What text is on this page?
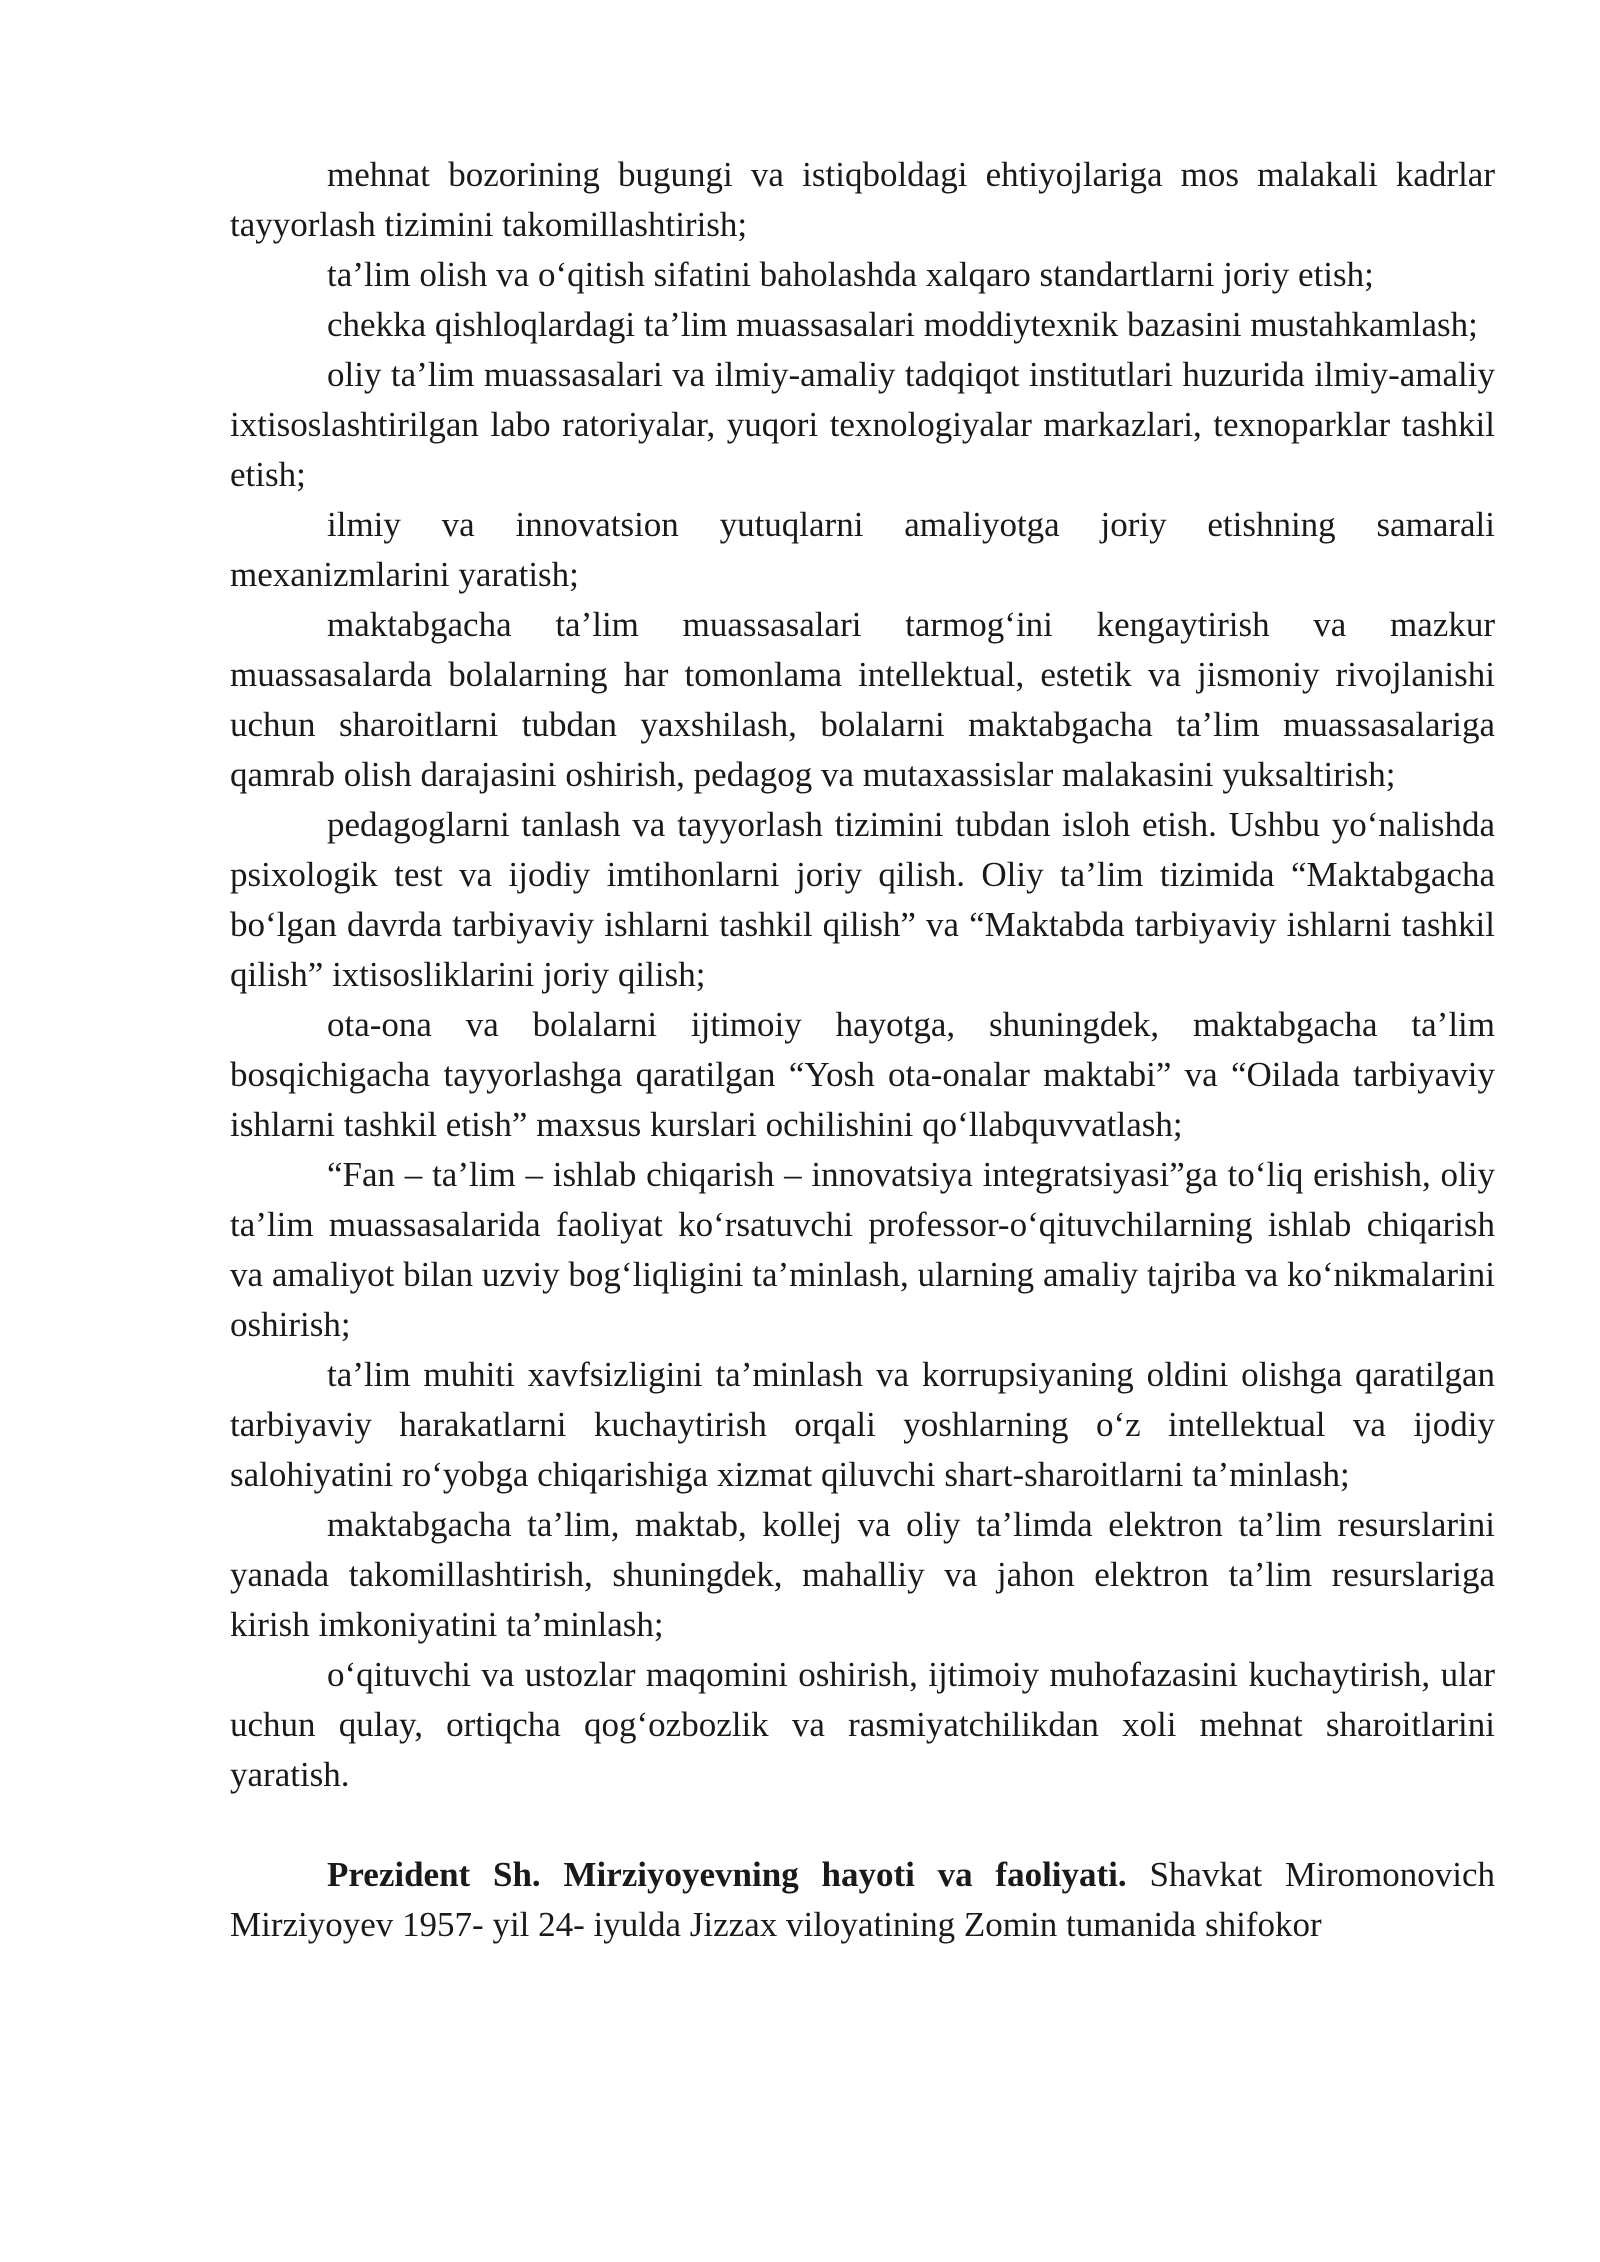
mehnat bozorining bugungi va istiqboldagi ehtiyojlariga mos malakali kadrlar tayyorlash tizimini takomillashtirish;

ta’lim olish va o‘qitish sifatini baholashda xalqaro standartlarni joriy etish;

chekka qishloqlardagi ta’lim muassasalari moddiytexnik bazasini mustahkamlash;

oliy ta’lim muassasalari va ilmiy-amaliy tadqiqot institutlari huzurida ilmiy-amaliy ixtisoslashtirilgan labo ratoriyalar, yuqori texnologiyalar markazlari, texnoparklar tashkil etish;

ilmiy va innovatsion yutuqlarni amaliyotga joriy etishning samarali mexanizmlarini yaratish;

maktabgacha ta’lim muassasalari tarmog‘ini kengaytirish va mazkur muassasalarda bolalarning har tomonlama intellektual, estetik va jismoniy rivojlanishi uchun sharoitlarni tubdan yaxshilash, bolalarni maktabgacha ta’lim muassasalariga qamrab olish darajasini oshirish, pedagog va mutaxassislar malakasini yuksaltirish;

pedagoglarni tanlash va tayyorlash tizimini tubdan isloh etish. Ushbu yo‘nalishda psixologik test va ijodiy imtihonlarni joriy qilish. Oliy ta’lim tizimida “Maktabgacha bo‘lgan davrda tarbiyaviy ishlarni tashkil qilish” va “Maktabda tarbiyaviy ishlarni tashkil qilish” ixtisosliklarini joriy qilish;

ota-ona va bolalarni ijtimoiy hayotga, shuningdek, maktabgacha ta’lim bosqichigacha tayyorlashga qaratilgan “Yosh ota-onalar maktabi” va “Oilada tarbiyaviy ishlarni tashkil etish” maxsus kurslari ochilishini qo‘llabquvvatlash;

“Fan – ta’lim – ishlab chiqarish – innovatsiya integratsiyasi”ga to‘liq erishish, oliy ta’lim muassasalarida faoliyat ko‘rsatuvchi professor-o‘qituvchilarning ishlab chiqarish va amaliyot bilan uzviy bog‘liqligini ta’minlash, ularning amaliy tajriba va ko‘nikmalarini oshirish;

ta’lim muhiti xavfsizligini ta’minlash va korrupsiyaning oldini olishga qaratilgan tarbiyaviy harakatlarni kuchaytirish orqali yoshlarning o‘z intellektual va ijodiy salohiyatini ro‘yobga chiqarishiga xizmat qiluvchi shart-sharoitlarni ta’minlash;

maktabgacha ta’lim, maktab, kollej va oliy ta’limda elektron ta’lim resurslarini yanada takomillashtirish, shuningdek, mahalliy va jahon elektron ta’lim resurslariga kirish imkoniyatini ta’minlash;

o‘qituvchi va ustozlar maqomini oshirish, ijtimoiy muhofazasini kuchaytirish, ular uchun qulay, ortiqcha qog‘ozbozlik va rasmiyatchilikdan xoli mehnat sharoitlarini yaratish.

Prezident Sh. Mirziyoyevning hayoti va faoliyati. Shavkat Miromonovich Mirziyoyev 1957- yil 24- iyulda Jizzax viloyatining Zomin tumanida shifokor
